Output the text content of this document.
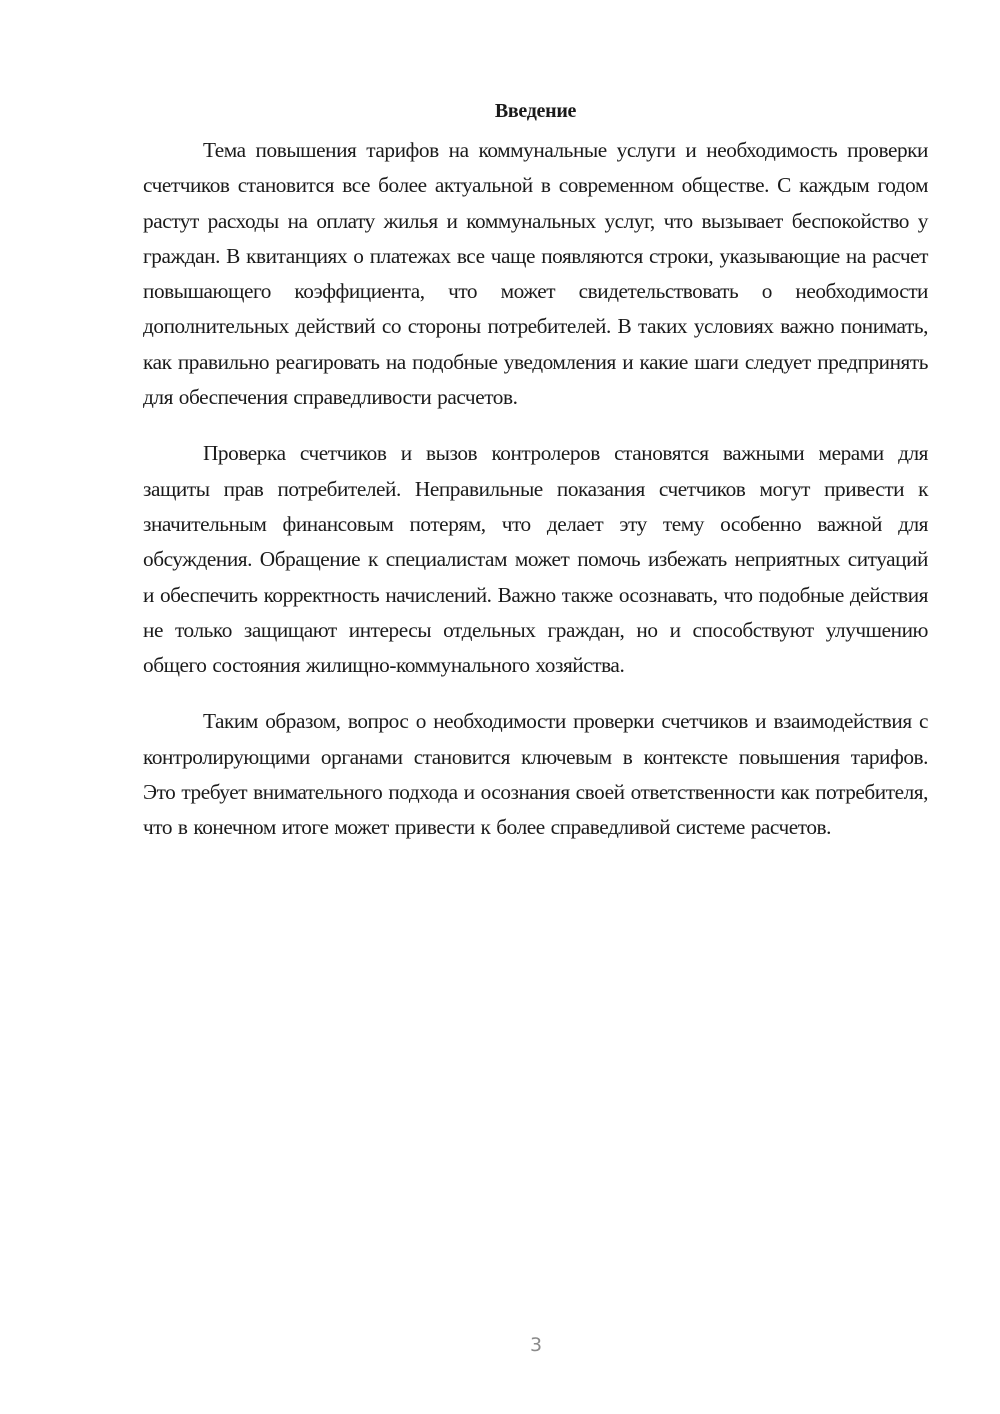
Введение

Тема повышения тарифов на коммунальные услуги и необходимость проверки счетчиков становится все более актуальной в современном обществе. С каждым годом растут расходы на оплату жилья и коммунальных услуг, что вызывает беспокойство у граждан. В квитанциях о платежах все чаще появляются строки, указывающие на расчет повышающего коэффициента, что может свидетельствовать о необходимости дополнительных действий со стороны потребителей. В таких условиях важно понимать, как правильно реагировать на подобные уведомления и какие шаги следует предпринять для обеспечения справедливости расчетов.

Проверка счетчиков и вызов контролеров становятся важными мерами для защиты прав потребителей. Неправильные показания счетчиков могут привести к значительным финансовым потерям, что делает эту тему особенно важной для обсуждения. Обращение к специалистам может помочь избежать неприятных ситуаций и обеспечить корректность начислений. Важно также осознавать, что подобные действия не только защищают интересы отдельных граждан, но и способствуют улучшению общего состояния жилищно-коммунального хозяйства.

Таким образом, вопрос о необходимости проверки счетчиков и взаимодействия с контролирующими органами становится ключевым в контексте повышения тарифов. Это требует внимательного подхода и осознания своей ответственности как потребителя, что в конечном итоге может привести к более справедливой системе расчетов.

3
